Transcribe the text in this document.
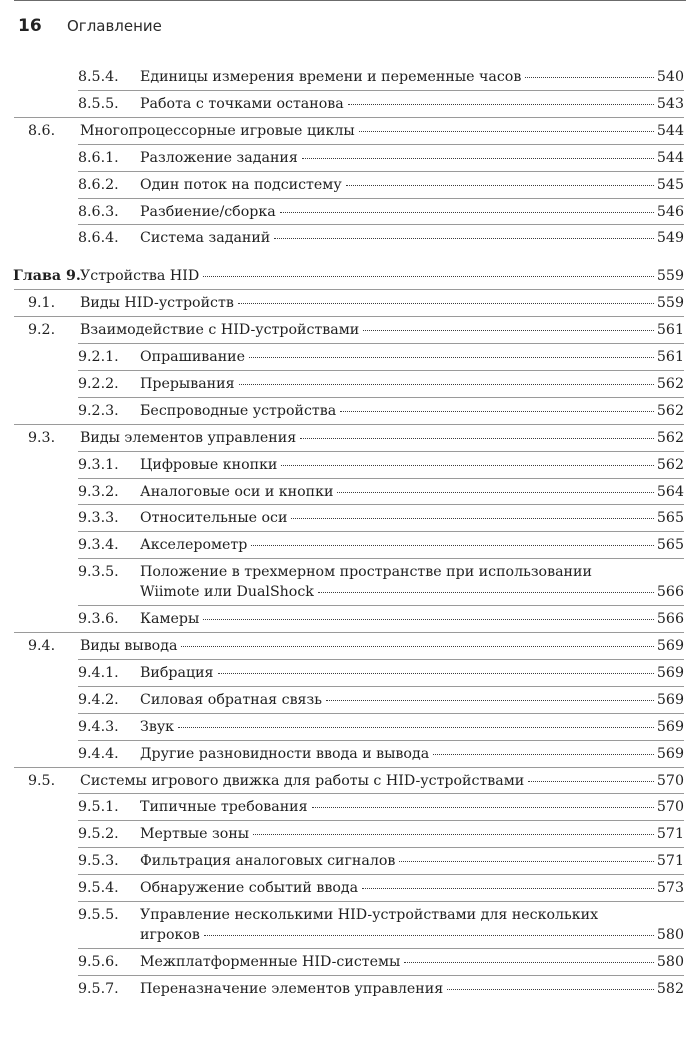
16 Оглавление
8.5.4. Единицы измерения времени и переменные часов	540
8.5.5. Работа с точками останова	543
8.6. Многопроцессорные игровые циклы	544
8.6.1. Разложение задания	544
8.6.2. Один поток на подсистему	545
8.6.3. Разбиение/сборка	546
8.6.4. Система заданий	549
Глава 9. Устройства HID	559
9.1. Виды HID-устройств	559
9.2. Взаимодействие с HID-устройствами	561
9.2.1. Опрашивание	561
9.2.2. Прерывания	562
9.2.3. Беспроводные устройства	562
9.3. Виды элементов управления	562
9.3.1. Цифровые кнопки	562
9.3.2. Аналоговые оси и кнопки	564
9.3.3. Относительные оси	565
9.3.4. Акселерометр	565
9.3.5. Положение в трехмерном пространстве при использовании
Wiimote или DualShock	566
9.3.6. Камеры	566
9.4. Виды вывода	569
9.4.1. Вибрация	569
9.4.2. Силовая обратная связь	569
9.4.3. Звук	569
9.4.4. Другие разновидности ввода и вывода	569
9.5. Системы игрового движка для работы с HID-устройствами	570
9.5.1. Типичные требования	570
9.5.2. Мертвые зоны	571
9.5.3. Фильтрация аналоговых сигналов	571
9.5.4. Обнаружение событий ввода	573
9.5.5. Управление несколькими HID-устройствами для нескольких
игроков	580
9.5.6. Межплатформенные HID-системы	580
9.5.7. Переназначение элементов управления	582
